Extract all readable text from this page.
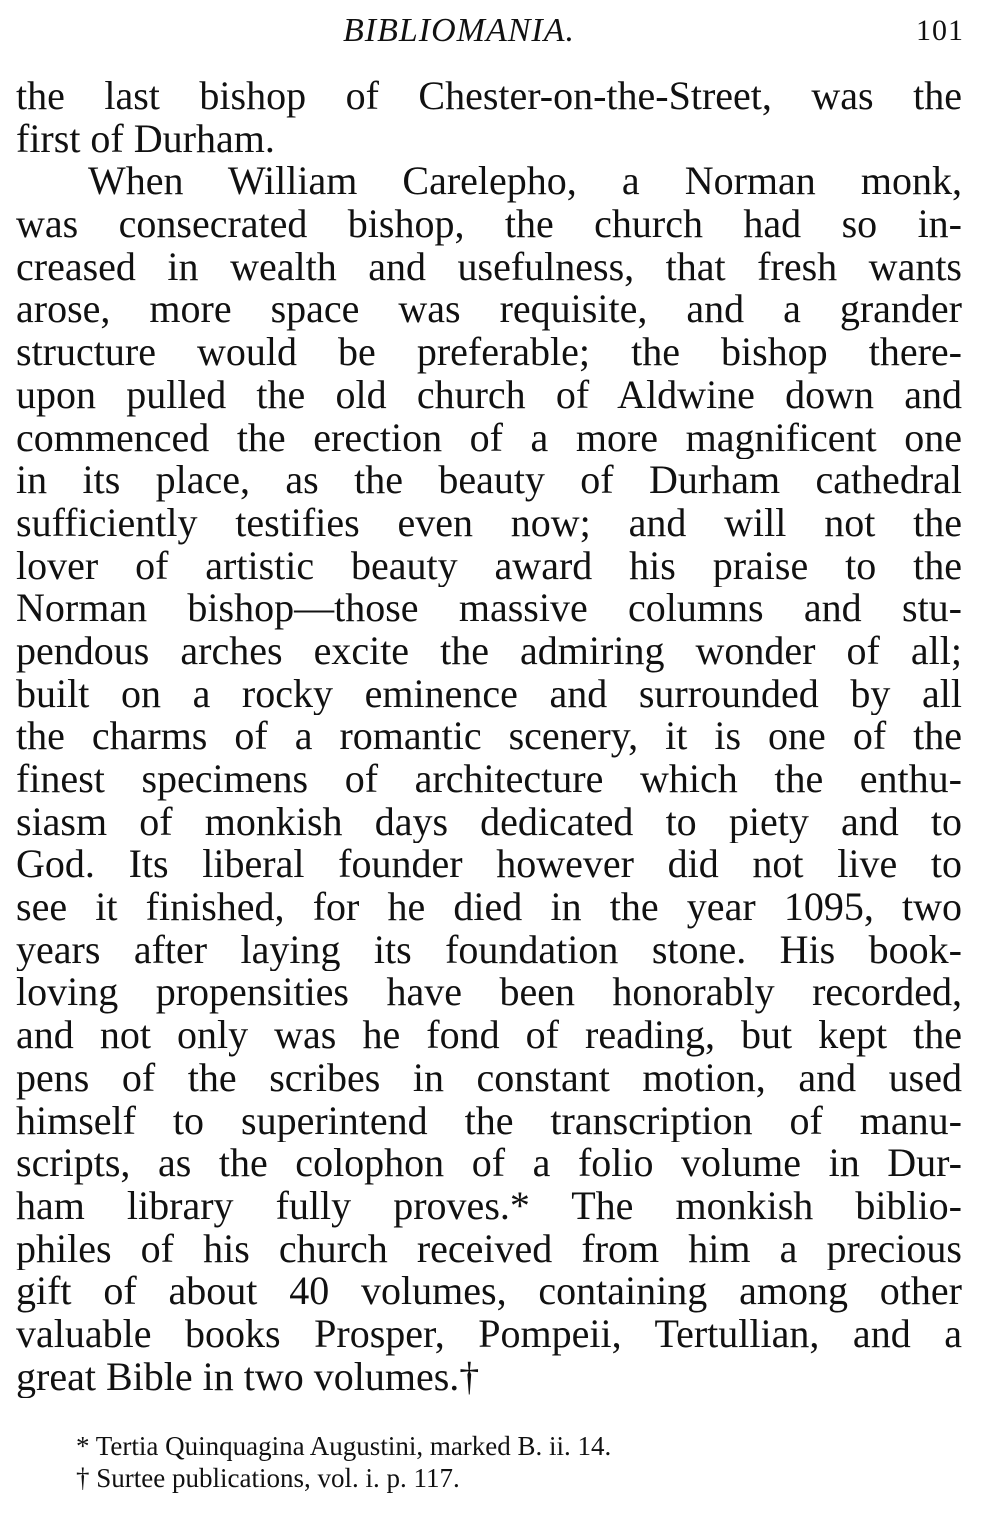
BIBLIOMANIA.	101
the last bishop of Chester-on-the-Street, was the
first of Durham.
When William Carelepho, a Norman monk,
was consecrated bishop, the church had so in-
creased in wealth and usefulness, that fresh wants
arose, more space was requisite, and a grander
structure would be preferable; the bishop there-
upon pulled the old church of Aldwine down and
commenced the erection of a more magnificent one
in its place, as the beauty of Durham cathedral
sufficiently testifies even now; and will not the
lover of artistic beauty award his praise to the
Norman bishop—those massive columns and stu-
pendous arches excite the admiring wonder of all;
built on a rocky eminence and surrounded by all
the charms of a romantic scenery, it is one of the
finest specimens of architecture which the enthu-
siasm of monkish days dedicated to piety and to
God. Its liberal founder however did not live to
see it finished, for he died in the year 1095, two
years after laying its foundation stone. His book-
loving propensities have been honorably recorded,
and not only was he fond of reading, but kept the
pens of the scribes in constant motion, and used
himself to superintend the transcription of manu-
scripts, as the colophon of a folio volume in Dur-
ham library fully proves.* The monkish biblio-
philes of his church received from him a precious
gift of about 40 volumes, containing among other
valuable books Prosper, Pompeii, Tertullian, and a
great Bible in two volumes.†
* Tertia Quinquagina Augustini, marked B. ii. 14.
† Surtee publications, vol. i. p. 117.
